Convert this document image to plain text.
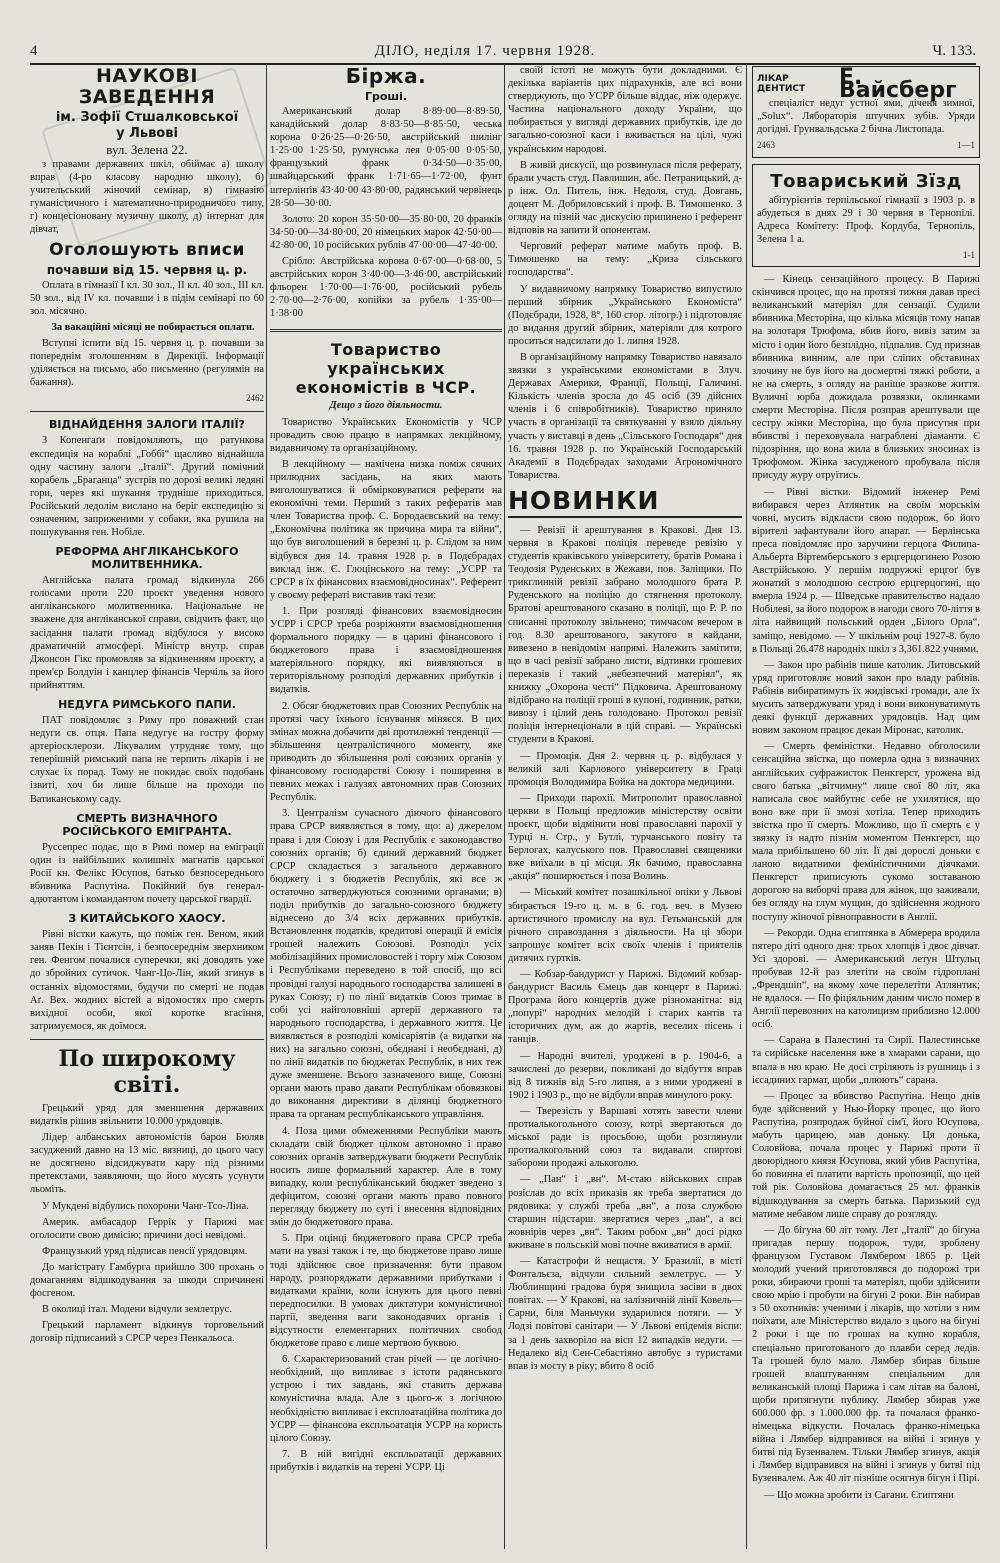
4	ДІЛО, неділя 17. червня 1928.	Ч. 133.
НАУКОВІ ЗАВЕДЕННЯ
ім. Зофії Стшалковської
у Львові
вул. Зелена 22.

з правами державних шкіл, обіймає а) школу вправ (4-ро класову народню школу), б) учительський жіночий семінар, в) гімназію гуманістичного і математично-природничого типу, г) концесіоновану музичну школу, д) інтернат для дівчат,

Оголошують вписи
почавши від 15. червня ц. р.

Оплата в гімназії І кл. 30 зол., ІІ кл. 40 зол., ІІІ кл. 50 зол., від IV кл. почавши і в підім семінарі по 60 зол. місячно.

За вакаційні місяці не побирається оплати.

Вступні іспити від 15. червня ц. р. почавши за попереднім зголошенням в Дирекції. Інформації уділяється на письмо, або письменно (регулямін на бажання).

2462
ВІДНАЙДЕННЯ ЗАЛОГИ ІТАЛІЇ?

З Копенгаґи повідомляють, що ратункова експедиція на кораблі „Гоббі“ щасливо віднайшла одну частину залоги „Італії“. Другий помічний корабель „Браганца“ зустрів по дорозі великі ледяні гори, через які шукання трудніше приходиться. Російський ледолім вислано на беріг експедицію зі означеним, заприженими у собаки, яка рушила на пошукування ген. Нобіле.

РЕФОРМА АНГЛІКАНСЬКОГО МОЛИТВЕННИКА.

Англійська палата громад відкинула 266 голосами проти 220 проєкт уведення нового англіканського молитвенника. Національне не зважене для англіканської справи, свідчить факт, що засідання палати громад відбулося у високо драматичній атмосфері. Міністр внутр. справ Джонсон Гікс промовляв за відкиненням проєкту, а прем'єр Болдуін і канцлер фінансів Черчіль за його прийняттям.

НЕДУГА РИМСЬКОГО ПАПИ.

ПАТ повідомляє з Риму про поважний стан недуги св. отця. Папа недугує на гостру форму артеріосклерози. Лікувалим утрудняє тому, що теперішній римський папа не терпить лікарів і не слухає їх порад. Тому не покидає своїх подобань ізвиті, хоч би лише більше на проходи по Ватиканському саду.

СМЕРТЬ ВИЗНАЧНОГО РОСІЙСЬКОГО ЕМІГРАНТА.

Руссепрес подає, що в Римі помер на еміграції один із найбільших колишніх магнатів царської Росії кн. Фелікс Юсупов, батько безпосереднього вбивника Распутіна. Покійний був генерал-адютантом і командантом почету царської гвардії.

З КИТАЙСЬКОГО ХАОСУ.

Рівні вістки кажуть, що поміж ген. Веном, який заняв Пекін і Тієнтсін, і безпосереднім зверхником ген. Фенгом почалися суперечки, які доводять уже до збройних сутичок. Чанг-Цо-Лін, який згинув в останніх відомостями, будучи по смерті не подав Аґ. Вех. жодних вістей а відомостях про смерть вихідної особи, якої коротке вгасіння, затримуємося, як доїмося.

По широкому світі.

Грецький уряд для зменшення державних видатків рішив звільнити 10.000 урядовців.

Лідер албанських автономістів барон Бюляв засуджений давно на 13 міс. вязниці, до цього часу не досягнено відсиджувати кару під різними претекстами, заявляючи, що його мусять усунути льоміть.

У Мукдені відбулись похорони Чанг-Тсо-Ліна.

Америк. амбасадор Геррік у Парижі має оголосити свою димісію; причини досі невідомі.

Французький уряд підписав пенсії урядовцям.

До магістрату Гамбурга прийшло 300 прохань о домаганням відшкодування за шкоди спричинені фосгеном.

В околиці італ. Модени відчули землетрус.

Грецький парламент відкинув торговельний договір підписаний з СРСР через Пенкальоса.

Біржа.
Гроші.

Американський долар 8·89·00—8·89·50, канадійський долар 8·83·50—8·85·50, чеська корона 0·26·25—0·26·50, австрійський шилінг 1·25·00 1·25·50, румунська лея 0·05·00 0·05·50, французький франк 0·34·50—0·35·00, швайцарський франк 1·71·65—1·72·00, фунт штерлінґів 43·40·00 43·80·00, радянський червінець 28·50—30·00.

Золото: 20 корон 35·50·00—35·80·00, 20 франків 34·50·00—34·80·00, 20 німецьких марок 42·50·00—42·80·00, 10 російських рублів 47·00·00—47·40·00.

Срібло: Австрійська корона 0·67·00—0·68·00, 5 австрійських корон 3·40·00—3·46·00, австрійський фльорен 1·70·00—1·76·00, російський рубель 2·70·00—2·76·00, копійки за рубель 1·35·00—1·38·00

Товариство українських економістів в ЧСР.
Дещо з його діяльности.

Товариство Українських Економістів у ЧСР провадить свою працю в напрямках лекційному, видавничому та організаційному.

В лекційному — намічена низка поміж сячних прилюдних засідань, на яких мають виголошуватися й обмірковуватися реферати на економічні теми. Перший з таких рефератів мав член Товариства проф. С. Бородаєвський на тему: „Економічна політика як причина мира та війни“, що був виголошений в березні ц. р. Слідом за ним відбувся дня 14. травня 1928 р. в Подєбрадах виклад інж. Є. Глоцінського на тему: „УСРР та СРСР в їх фінансових взаємовідносинах“. Референт у своєму рефераті виставив такі тези:

1. При розгляді фінансових взаємовідносин УСРР і СРСР треба розріжняти взаємовідношення формального порядку — в царині фінансового і бюджетового права і взаємовідношення матеріяльного порядку, які виявляються в територіяльному розподілі державних прибутків і видатків.

2. Обсяг бюджетових прав Союзних Республік на протязі часу їхнього існування міняєся. В цих змінах можна добачити дві протилежні тенденції — збільшення централістичного моменту, яке приводить до збільшення ролі союзних органів у фінансовому господарстві Союзу і поширення в певних межах і галузях автономних прав Союзних Республік.

3. Централізм сучасного діючого фінансового права СРСР виявляється в тому, що: а) джерелом права і для Союзу і для Республік є законодавство союзних органів; б) єдиний державний бюджет СРСР складається з загального державного бюджету і з бюджетів Республік, які все ж остаточно затверджуються союзними органами; в) поділ прибутків до загально-союзного бюджету віднесено до 3/4 всіх державних прибутків. Встановлення податків, кредитові операції й емісія грошей належить Союзові. Розподіл усіх мобілізаційних промисловостей і торгу між Союзом і Республіками переведено в той спосіб, що всі провідні галузі народнього господарства залишені в руках Союзу; г) по лінії видатків Союз тримає в собі усі найголовніші артерії державного та народнього господарства, і державного життя. Це виявляється в розподілі комісаріятів (а видатки на них) на загально союзні, обєднані і необєднані, д) по лінії видатків по бюджетах Республік, в них теж дуже зменшене. Всього зазначеного вище, Союзні органи мають право давати Республікам обовязкові до виконання директиви в ділянці бюджетного права та органам республіканського управління.

4. Поза цими обмеженнями Республіки мають складати свій бюджет цілком автономно і право союзних органів затверджувати бюджети Республік носить лише формальний характер. Але в тому випадку, коли республіканський бюджет зведено з дефіцитом, союзні органи мають право повного перегляду бюджету по суті і внесення відповідних змін до бюджетового права.

5. При оцінці бюджетового права СРСР треба мати на увазі також і те, що бюджетове право лише тоді здійснює свое призначення: бути правом народу, розпоряджати державними прибутками і видатками країни, коли існують для цього певні передпосилки. В умовах диктатури комуністичної партії, зведення ваги законодавчих органів і відсутности елементарних політичних свобод бюджетове право є лише мертвою буквою.

6. Схарактеризований стан річей — це логічно-необхідний, що випливає з істоти радянського устрою і тих завдань, які ставить держава комуністична влада. Але з цього-ж з логічною необхідністю випливає і експлоатаційна політика до УСРР — фінансова експльоатація УСРР на користь цілого Союзу.

7. В ній вигідні експльоатації державних прибутків і видатків на терені УСРР. Ці

своїй істоті не можуть бути докладними. Є декілька варіантів цих підрахунків, але всі вони стверджують, що УСРР більше віддає, ніж одержує. Частина національного доходу України, що побирається у вигляді державних прибутків, іде до загально-союзної каси і вживається на цілі, чужі українським народові.

В живій дискусії, що розвинулася після реферату, брали участь студ. Павлишин, абс. Петраницький, д-р інж. Ол. Питель, інж. Недоля, студ. Довгань, доцент М. Добриловський і проф. В. Тимошенко. З огляду на пізній час дискусію припинено і референт відповів на запити й опонентам.

Черговий реферат матиме мабуть проф. В. Тимошенко на тему: „Криза сільського господарства“.

У видавничому напрямку Товариство випустило перший збірник „Українського Економіста“ (Подєбради, 1928, 8°, 160 стор. літогр.) і підготовляє до видання другий збірник, матеріяли для котрого проситься надсилати до 1. липня 1928.

В організаційному напрямку Товариство навязало звязки з українськими економістами в Злуч. Державах Америки, Франції, Польщі, Галичині. Кількість членів зросла до 45 осіб (39 дійсних членів і 6 співробітників). Товариство приняло участь в організації та святкуванні у взяло діяльну участь у виставці в день „Сільського Господаря“ дня 16. травня 1928 р. по Українській Господарській Академії в Подєбрадах заходами Агрономічного Товариства.

НОВИНКИ

— Ревізії й арештування в Кракові. Дня 13. червня в Кракові поліція переведе ревізію у студентів краківського університету, братів Романа і Теодозія Руденських в Жежави, пов. Заліщики. По трикглинній ревізії забрано молодшого брата Р. Руденського на поліцію до стягнення протоколу. Братові арештованого сказано в поліції, що Р. Р. по списанні протоколу звільнено; тимчасом вечером в год. 8.30 арештованого, закутого в кайдани, вивезено в невідомім напрямі. Належить замітити, що в часі ревізії забрано листи, відтинки грошевих переказів і такий „небезпечний матеріял“, як книжку „Охорона честі“ Підковича. Арештованому відібрано на поліції гроші в купоні, годинник, ратки, вивозу і цілий день голодовано. Протокол ревізії поліція інтернеціонали в цій справі. — Українські студенти в Кракові.

— Промоція. Дня 2. червня ц. р. відбулася у великій залі Карлового університету в Граці промоція Володимира Бойка на доктора медицини.

— Приходи парохії. Митрополит православної церкви в Польщі предложив міністерству освіти проєкт, щоби відмінити нові православні парохії у Турці н. Стр., у Бутлі, турчанського повіту та Берлогах, калуського пов. Православні священики вже виїхали в ці місця. Як бачимо, православна „акція“ поширюється і поза Волинь.

— Міський комітет позашкільної опіки у Львові збирається 19-го ц. м. в 6. год. веч. в Музею артистичного промислу на вул. Гетьманській для річного справоздання з діяльности. На ці збори запрошує комітет всіх своїх членів і приятелів дитячих гуртків.

— Кобзар-бандурист у Парижі. Відомий кобзар-бандурист Василь Ємець дав концерт в Парижі. Програма його концертів дуже різноманітна: від „попурі“ народних мелодій і старих кантів та історичних дум, аж до жартів, веселих пісень і танців.

— Народні вчителі, уроджені в р. 1904-6, а зачислені до резерви, покликані до відбуття вправ від 8 тижнів від 5-го липня, а з ними уроджені в 1902 і 1903 р., що не відбули вправ минулого року.

— Тверезість у Варшаві хотять завести члени протиалькогольного союзу, котрі звертаються до міської ради із просьбою, щоби розглянули протиалкогольний союз та видавали спиртові заборони продажі алькоголю.

— „Пан“ і „вн“. М-стаю військових справ розіслав до всіх приказів як треба звертатися до рядовика: у службі треба „вн“, а поза службою старшин підстарш. звертатися через „пан“, а всі жовнірів через „вн“. Таким робом „вн“ досі рідко вживане в польській мові почне вживатися в армії.

— Катастрофи й нещастя. У Бразилії, в місті Фонтальєза, відчули сильний землетрус. — У Люблинщині градова буря знищила засіви в двох повітах. — У Кракові, на залізничній лінії Ковель—Сарни, біля Маньчуки зударилися потяги. — У Лодзі повітові санітари — У Львові епідемія віспи: за 1 день захворіло на вісп 12 випадків недуги. — Недалеко від Сен-Себастіяно автобус з туристами впав із мосту в ріку; вбито 8 осіб

ЛІКАР ДЕНТИСТ	Е. Вайсберг

спеціаліст недуг устної ями, діченя зимної, „Solux“. Лябораторія штучних зубів. Уряди догідні. Грунвальдська 2 бічна Листопада.

2463	1—1
Товариський Зїзд

абітурієнтів терпільської гімназії з 1903 р. в абудеться в днях 29 і 30 червня в Тернопілі. Адреса Комітету: Проф. Кордуба, Тернопіль, Зелена 1 а.

1-1

— Кінець сензаційного процесу. В Парижі скінчився процес, що на протязі тижня давав пресі великанський матеріял для сензації. Судили вбивника Месторіна, що кілька місяців тому напав на золотаря Трюфома, вбив його, вивіз затим за місто і один його безплідно, підпалив. Суд признав вбивника винним, але при сліпих обставинах злочину не був його на досмертні тяжкі роботи, а не на смерть, з огляду на раніше зразкове життя. Вуличні юрба дожидала розвязки, оклинками смерти Месторіна. Після розправ арештували ще сестру жінки Месторіна, що була присутня при вбивстві і переховувала награблені діаманти. Є підозріння, що вона жила в близьких зносинах із Трюфомом. Жінка засудженого пробувала після присуду журу отруїтись.

— Рівні вістки. Відомий інженер Ремі вибирався через Атлянтик на своїм морськім човні, мусить відкласти свою подорож, бо його вірителі зафантували його апарат. — Берлінська преса повідомляє про заручини герцога Филипа-Альберта Віртемберського з ерцгерцогинею Розою Австрійською. У першім подружжі ерцгоґ був жонатий з молодшою сестрою ерцгерцогині, що вмерла 1924 р. — Шведське правительство надало Нобілеві, за його подорож в нагоди свого 70-ліття в літа найвищий польський орден „Білого Орла“, заміщо, невідомо. — У шкільнім році 1927-8. було в Польщі 26.478 народніх шкіл з 3,361.822 учнями.

— Закон про рабінів пише католик. Литовський уряд приготовляє новий закон про владу рабінів. Рабінів вибиратимуть їх жидівські громади, але їх мусить затверджувати уряд і вони виконуватимуть деякі функції державних урядовців. Над цим новим законом працює декан Міронас, католик.

— Смерть феміністки. Недавно обголосили сенсаційна звістка, що померла одна з визначних англійських суфражисток Пенкгерст, урожена від свого батька „вітчимну“ лише свої 80 літ, яка написала своє майбутнє себе не ухилятися, що воно вже при її змозі хотіла. Тепер приходить звістка про її смерть. Можливо, що її смерть є у звязку із надто пізнім моментом Пенкгерст, що мала прибільшено 60 літ. Її дві дороcлі доньки є ланою видатними феміністичними діячками. Пенкгерст приписують сукомо зоставаною дорогою на виборчі права для жінок, що заживали, без огляду на глум мущин, до здійснення жодного поступу жіночої рівноправности в Англії.

— Рекорди. Одна єгиптянка в Абмерера вродила пятеро діті одного дня: трьох хлопців і двоє дівчат. Усі здорові. — Американський летун Штульц пробував 12-й раз злетіти на своїм гідроплані „Френдшіп“, на якому хоче перелетіти Атлянтик; не вдалося. — По фіціяльним даним число помер в Англії перевозних на католицизм приблизно 12.000 осіб.

— Сарана в Палестині та Сирії. Палестинське та сирійське населення вже в хмарами сарани, що впала в ню краю. Не досі стріляють із рушниць і з ієсадиних гармат, щоби „плюють“ сарана.

— Процес за вбивство Распутіна. Нещо днів буде здійснений у Нью-Йорку процес, що його Распутіна, розпродаж буйної сім'ї, його Юсупова, мабуть царицею, мав доньку. Ця донька, Соловйова, почала процес у Парижі проти її двоюрідного князя Юсупова, який убив Распутіна, бо повинна еї платити вартість пропозиції, що цей той рік. Соловйова домагається 25 мл. франків відшкодування за смерть батька. Паризький суд матиме небавом лише справу до розгляду.

— До бігуна 60 літ тому. Лет „Італії“ до бігуна пригадав першу подорож, туди, зроблену французом Густавом Лямбером 1865 р. Цей молодий учений приготовлявся до подорожі три роки, збираючи гроші та матеріял, щоби здійснити свою мрію і пробути на бігуні 2 роки. Він набирав з 50 охотників: ученими і лікарів, що хотіли з ним поїхати, але Міністерство видало з цього на бігуні 2 роки і ще по грошах на купно корабля, спеціально приготованого до плавби серед ледів. Та грошей було мало. Лямбер збирав більше грошей влаштуванням спеціальним для великанській площі Парижа і сам літав на балоні, щоби притягнути публику. Лямбер збирав уже 600.000 фр. з 1.000.000 фр. та почалася франко-німецька відкусти. Почалась франко-німецька війна і Лямбер відправився на війні і згинув у битві під Бузенвалем. Тільки Лямбер згинув, акція і Лямбер відправився на війні і згинув у битві під Бузенвалем. Аж 40 літ пізніше осягнув бігун і Пірі.

— Що можна зробити із Сагани. Єгиптяни
